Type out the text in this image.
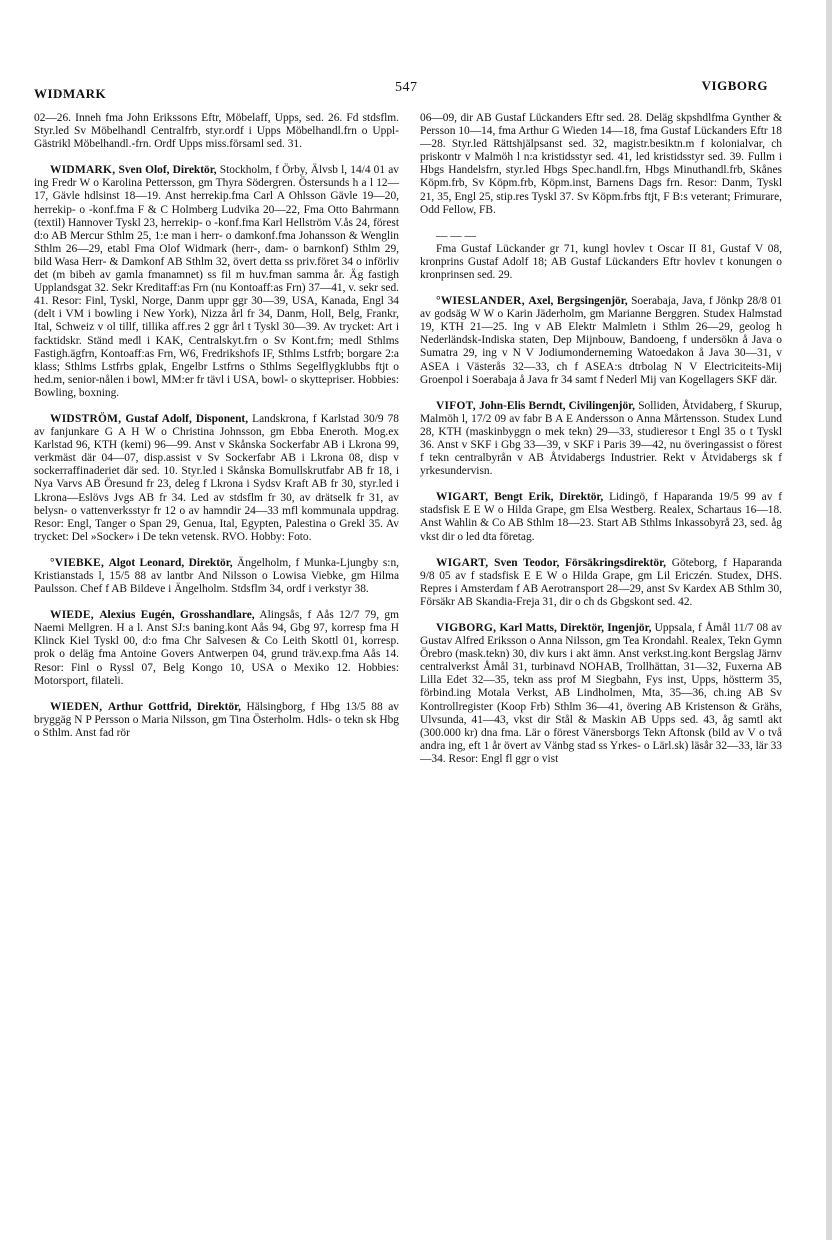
WIDMARK	547	VIGBORG

02—26. Inneh fma John Erikssons Eftr, Möbelaff, Upps, sed. 26. Fd stdsflm. Styr.led Sv Möbelhandl Centralfrb, styr.ordf i Upps Möbelhandl.frn o Uppl-Gästrikl Möbelhandl.-frn. Ordf Upps miss.församl sed. 31.

WIDMARK, Sven Olof, Direktör, Stockholm, f Örby, Älvsb l, 14/4 01 av ing Fredr W o Karolina Pettersson, gm Thyra Södergren. Östersunds h a l 12—17, Gävle hdlsinst 18—19. Anst herrekip.fma Carl A Ohlsson Gävle 19—20, herrekip- o -konf.fma F & C Holmberg Ludvika 20—22, Fma Otto Bahrmann (textil) Hannover Tyskl 23, herrekip- o -konf.fma Karl Hellström V.ås 24, förest d:o AB Mercur Sthlm 25, 1:e man i herr- o damkonf.fma Johansson & Wenglin Sthlm 26—29, etabl Fma Olof Widmark (herr-, dam- o barnkonf) Sthlm 29, bild Wasa Herr- & Damkonf AB Sthlm 32, övert detta ss priv.föret 34 o införliv det (m bibeh av gamla fmanamnet) ss fil m huv.fman samma år. Äg fastigh Upplandsgat 32. Sekr Kreditaff:as Frn (nu Kontoaff:as Frn) 37—41, v. sekr sed. 41. Resor: Finl, Tyskl, Norge, Danm uppr ggr 30—39, USA, Kanada, Engl 34 (delt i VM i bowling i New York), Nizza årl fr 34, Danm, Holl, Belg, Frankr, Ital, Schweiz v ol tillf, tillika aff.res 2 ggr årl t Tyskl 30—39. Av trycket: Art i facktidskr. Ständ medl i KAK, Centralskyt.frn o Sv Kont.frn; medl Sthlms Fastigh.ägfrn, Kontoaff:as Frn, W6, Fredrikshofs IF, Sthlms Lstfrb; borgare 2:a klass; Sthlms Lstfrbs gplak, Engelbr Lstfrns o Sthlms Segelflygklubbs ftjt o hed.m, senior-nålen i bowl, MM:er fr tävl i USA, bowl- o skyttepriser. Hobbies: Bowling, boxning.

WIDSTRÖM, Gustaf Adolf, Disponent, Landskrona, f Karlstad 30/9 78 av fanjunkare G A H W o Christina Johnsson, gm Ebba Eneroth. Mog.ex Karlstad 96, KTH (kemi) 96—99. Anst v Skånska Sockerfabr AB i Lkrona 99, verkmäst där 04—07, disp.assist v Sv Sockerfabr AB i Lkrona 08, disp v sockerraffinaderiet där sed. 10. Styr.led i Skånska Bomullskrutfabr AB fr 18, i Nya Varvs AB Öresund fr 23, deleg f Lkrona i Sydsv Kraft AB fr 30, styr.led i Lkrona—Eslövs Jvgs AB fr 34. Led av stdsflm fr 30, av drätselk fr 31, av belysn- o vattenverksstyr fr 12 o av hamndir 24—33 mfl kommunala uppdrag. Resor: Engl, Tanger o Span 29, Genua, Ital, Egypten, Palestina o Grekl 35. Av trycket: Del »Socker» i De tekn vetensk. RVO. Hobby: Foto.

°VIEBKE, Algot Leonard, Direktör, Ängelholm, f Munka-Ljungby s:n, Kristianstads l, 15/5 88 av lantbr And Nilsson o Lowisa Viebke, gm Hilma Paulsson. Chef f AB Bildeve i Ängelholm. Stdsflm 34, ordf i verkstyr 38.

WIEDE, Alexius Eugén, Grosshandlare, Alingsås, f Aås 12/7 79, gm Naemi Mellgren. H a l. Anst SJ:s baning.kont Aås 94, Gbg 97, korresp fma H Klinck Kiel Tyskl 00, d:o fma Chr Salvesen & Co Leith Skottl 01, korresp. prok o deläg fma Antoine Govers Antwerpen 04, grund träv.exp.fma Aås 14. Resor: Finl o Ryssl 07, Belg Kongo 10, USA o Mexiko 12. Hobbies: Motorsport, filateli.

WIEDEN, Arthur Gottfrid, Direktör, Hälsingborg, f Hbg 13/5 88 av bryggäg N P Persson o Maria Nilsson, gm Tina Österholm. Hdls- o tekn sk Hbg o Sthlm. Anst fad rör

06—09, dir AB Gustaf Lückanders Eftr sed. 28. Deläg skpshdlfma Gynther & Persson 10—14, fma Arthur G Wieden 14—18, fma Gustaf Lückanders Eftr 18—28. Styr.led Rättshjälpsanst sed. 32, magistr.besiktn.m f kolonialvar, ch priskontr v Malmöh l n:a kristidsstyr sed. 41, led kristidsstyr sed. 39. Fullm i Hbgs Handelsfrn, styr.led Hbgs Spec.handl.frn, Hbgs Minuthandl.frb, Skånes Köpm.frb, Sv Köpm.frb, Köpm.inst, Barnens Dags frn. Resor: Danm, Tyskl 21, 35, Engl 25, stip.res Tyskl 37. Sv Köpm.frbs ftjt, F B:s veterant; Frimurare, Odd Fellow, FB.

— — —

Fma Gustaf Lückander gr 71, kungl hovlev t Oscar II 81, Gustaf V 08, kronprins Gustaf Adolf 18; AB Gustaf Lückanders Eftr hovlev t konungen o kronprinsen sed. 29.

°WIESLANDER, Axel, Bergsingenjör, Soerabaja, Java, f Jönkp 28/8 01 av godsäg W W o Karin Jäderholm, gm Marianne Berggren. Studex Halmstad 19, KTH 21—25. Ing v AB Elektr Malmletn i Sthlm 26—29, geolog h Nederländsk-Indiska staten, Dep Mijnbouw, Bandoeng, f undersökn å Java o Sumatra 29, ing v N V Jodiumonderneming Watoedakon å Java 30—31, v ASEA i Västerås 32—33, ch f ASEA:s dtrbolag N V Electriciteits-Mij Groenpol i Soerabaja å Java fr 34 samt f Nederl Mij van Kogellagers SKF där.

VIFOT, John-Elis Berndt, Civilingenjör, Solliden, Åtvidaberg, f Skurup, Malmöh l, 17/2 09 av fabr B A E Andersson o Anna Mårtensson. Studex Lund 28, KTH (maskinbyggn o mek tekn) 29—33, studieresor t Engl 35 o t Tyskl 36. Anst v SKF i Gbg 33—39, v SKF i Paris 39—42, nu överingassist o förest f tekn centralbyrån v AB Åtvidabergs Industrier. Rekt v Åtvidabergs sk f yrkesundervisn.

WIGART, Bengt Erik, Direktör, Lidingö, f Haparanda 19/5 99 av f stadsfisk E E W o Hilda Grape, gm Elsa Westberg. Realex, Schartaus 16—18. Anst Wahlin & Co AB Sthlm 18—23. Start AB Sthlms Inkassobyrå 23, sed. åg vkst dir o led dta företag.

WIGART, Sven Teodor, Försäkringsdirektör, Göteborg, f Haparanda 9/8 05 av f stadsfisk E E W o Hilda Grape, gm Lil Ericzén. Studex, DHS. Repres i Amsterdam f AB Aerotransport 28—29, anst Sv Kardex AB Sthlm 30, Försäkr AB Skandia-Freja 31, dir o ch ds Gbgskont sed. 42.

VIGBORG, Karl Matts, Direktör, Ingenjör, Uppsala, f Åmål 11/7 08 av Gustav Alfred Eriksson o Anna Nilsson, gm Tea Krondahl. Realex, Tekn Gymn Örebro (mask.tekn) 30, div kurs i akt ämn. Anst verkst.ing.kont Bergslag Järnv centralverkst Åmål 31, turbinavd NOHAB, Trollhättan, 31—32, Fuxerna AB Lilla Edet 32—35, tekn ass prof M Siegbahn, Fys inst, Upps, höstterm 35, förbind.ing Motala Verkst, AB Lindholmen, Mta, 35—36, ch.ing AB Sv Kontrollregister (Koop Frb) Sthlm 36—41, övering AB Kristenson & Grähs, Ulvsunda, 41—43, vkst dir Stål & Maskin AB Upps sed. 43, åg samtl akt (300.000 kr) dna fma. Lär o förest Vänersborgs Tekn Aftonsk (bild av V o två andra ing, eft 1 år övert av Vänbg stad ss Yrkes- o Lärl.sk) läsår 32—33, lär 33—34. Resor: Engl fl ggr o vist
